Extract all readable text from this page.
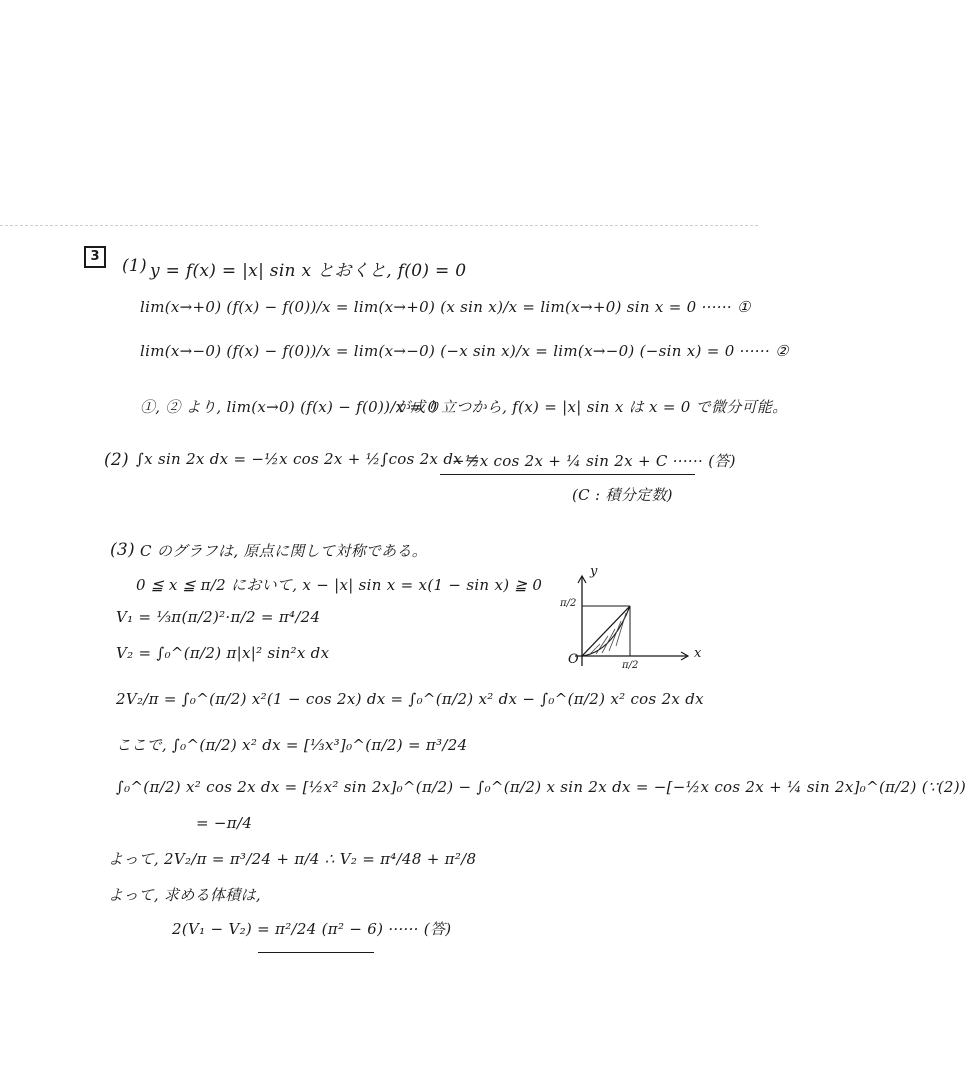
3	(1) y = f(x) = |x| sin x とおくと, f(0) = 0
lim(x→+0) (f(x) − f(0))/x = lim(x→+0) (x sin x)/x = lim(x→+0) sin x = 0 ······ ①
lim(x→−0) (f(x) − f(0))/x = lim(x→−0) (−x sin x)/x = lim(x→−0) (−sin x) = 0 ······ ②
①, ② より, lim(x→0) (f(x) − f(0))/x = 0
が成り立つから, f(x) = |x| sin x は x = 0 で微分可能。
(2) ∫x sin 2x dx = −½x cos 2x + ½∫cos 2x dx =
−½x cos 2x + ¼ sin 2x + C ······ (答)
(C : 積分定数)
(3) C のグラフは, 原点に関して対称である。
0 ≦ x ≦ π/2 において, x − |x| sin x = x(1 − sin x) ≧ 0
V₁ = ⅓π(π/2)²·π/2 = π⁴/24
V₂ = ∫₀^(π/2) π|x|² sin²x dx
2V₂/π = ∫₀^(π/2) x²(1 − cos 2x) dx = ∫₀^(π/2) x² dx − ∫₀^(π/2) x² cos 2x dx
ここで, ∫₀^(π/2) x² dx = [⅓x³]₀^(π/2) = π³/24
∫₀^(π/2) x² cos 2x dx = [½x² sin 2x]₀^(π/2) − ∫₀^(π/2) x sin 2x dx = −[−½x cos 2x + ¼ sin 2x]₀^(π/2) (∵(2))
= −π/4
よって, 2V₂/π = π³/24 + π/4 ∴ V₂ = π⁴/48 + π²/8
よって, 求める体積は,
2(V₁ − V₂) = π²/24 (π² − 6) ······ (答)
y
x
O
π/2
π/2
